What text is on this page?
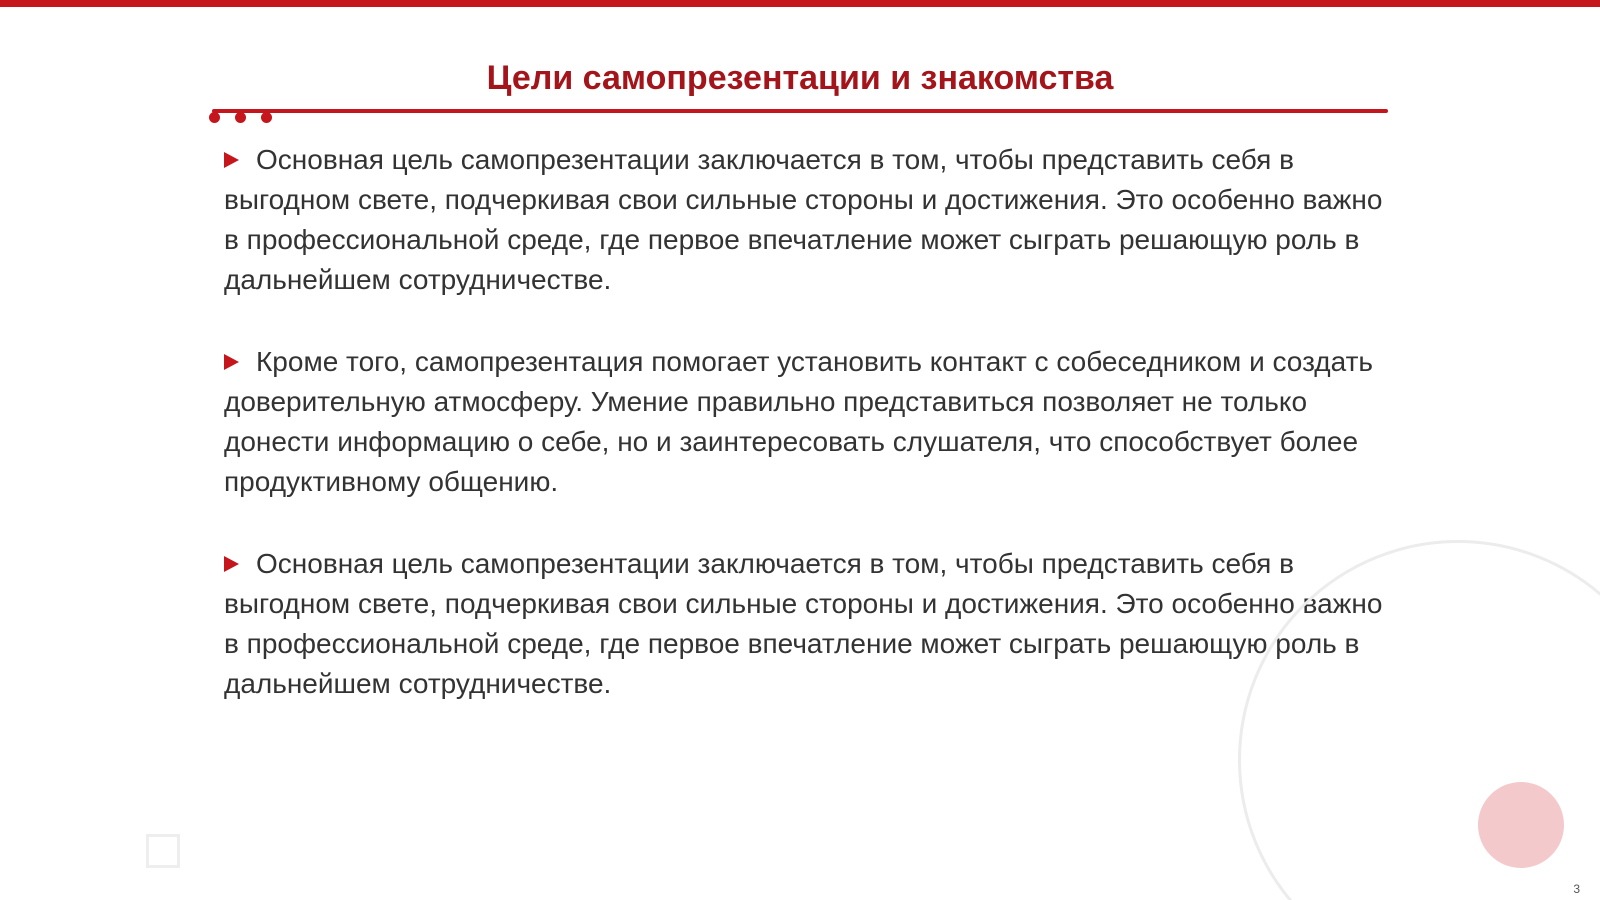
Цели самопрезентации и знакомства

Основная цель самопрезентации заключается в том, чтобы представить себя в выгодном свете, подчеркивая свои сильные стороны и достижения. Это особенно важно в профессиональной среде, где первое впечатление может сыграть решающую роль в дальнейшем сотрудничестве.

Кроме того, самопрезентация помогает установить контакт с собеседником и создать доверительную атмосферу. Умение правильно представиться позволяет не только донести информацию о себе, но и заинтересовать слушателя, что способствует более продуктивному общению.

Основная цель самопрезентации заключается в том, чтобы представить себя в выгодном свете, подчеркивая свои сильные стороны и достижения. Это особенно важно в профессиональной среде, где первое впечатление может сыграть решающую роль в дальнейшем сотрудничестве.

3
